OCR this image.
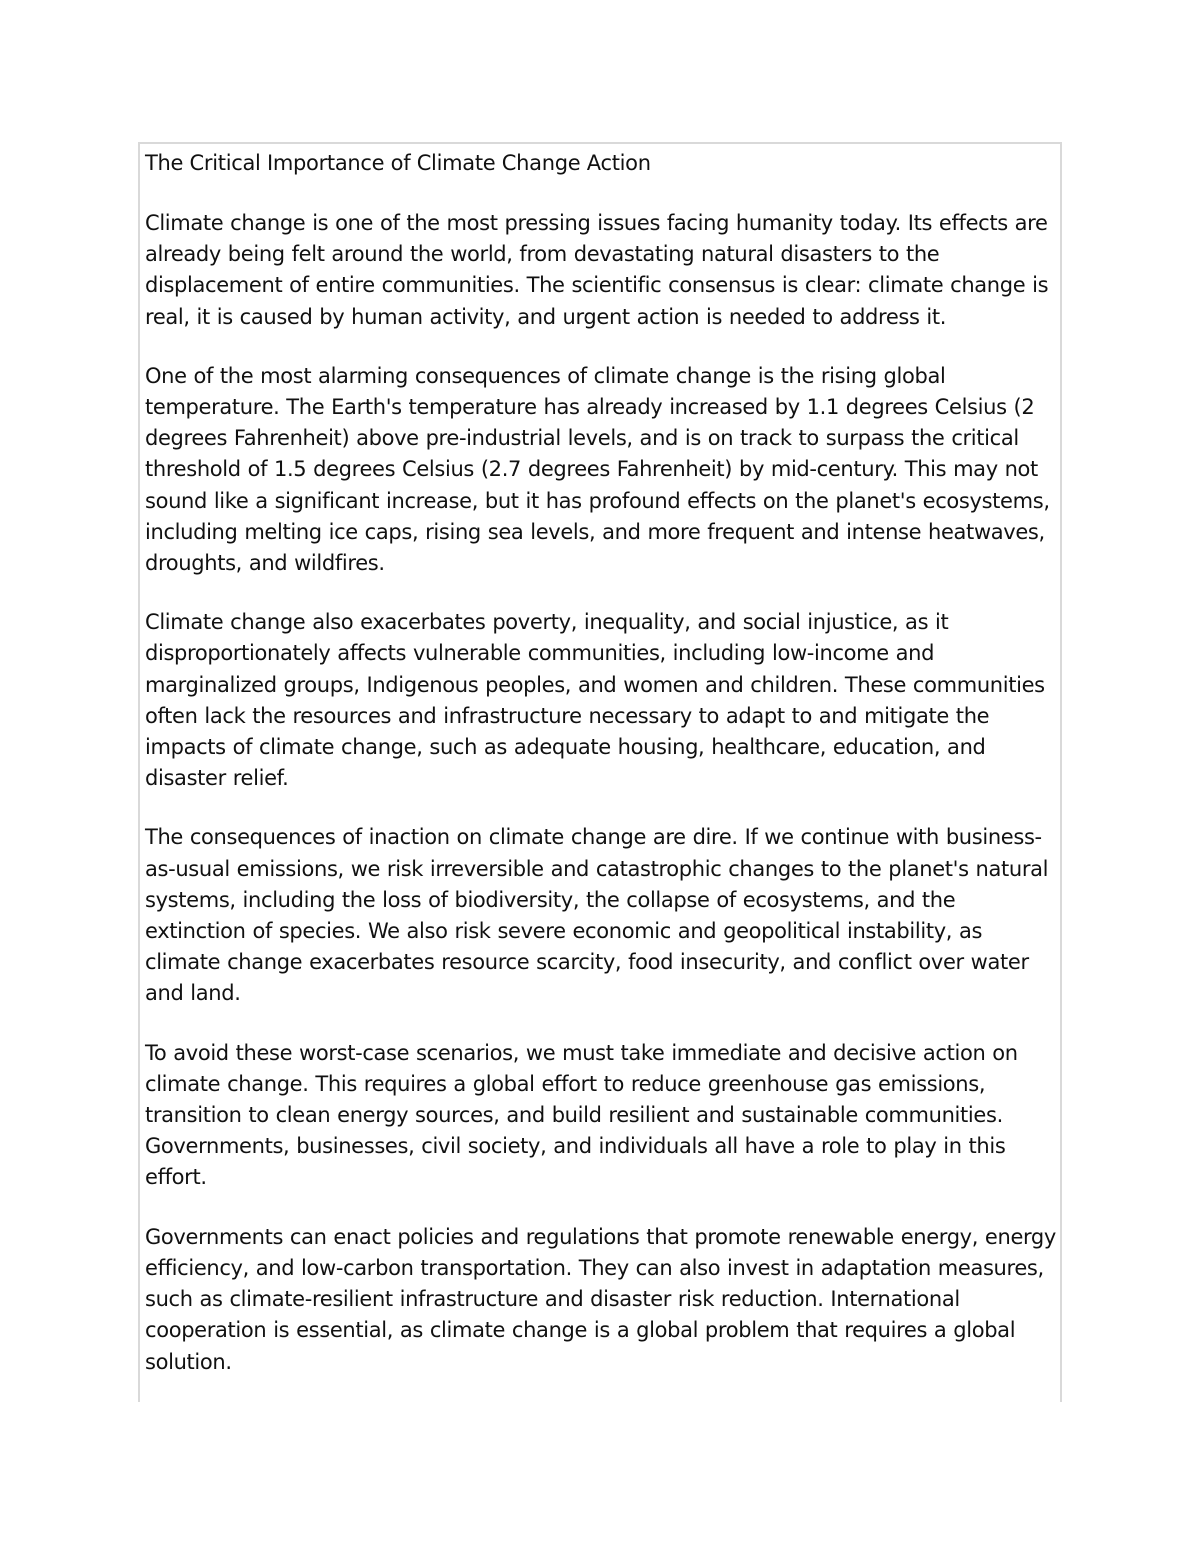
The Critical Importance of Climate Change Action

Climate change is one of the most pressing issues facing humanity today. Its effects are already being felt around the world, from devastating natural disasters to the displacement of entire communities. The scientific consensus is clear: climate change is real, it is caused by human activity, and urgent action is needed to address it.

One of the most alarming consequences of climate change is the rising global temperature. The Earth's temperature has already increased by 1.1 degrees Celsius (2 degrees Fahrenheit) above pre-industrial levels, and is on track to surpass the critical threshold of 1.5 degrees Celsius (2.7 degrees Fahrenheit) by mid-century. This may not sound like a significant increase, but it has profound effects on the planet's ecosystems, including melting ice caps, rising sea levels, and more frequent and intense heatwaves, droughts, and wildfires.

Climate change also exacerbates poverty, inequality, and social injustice, as it disproportionately affects vulnerable communities, including low-income and marginalized groups, Indigenous peoples, and women and children. These communities often lack the resources and infrastructure necessary to adapt to and mitigate the impacts of climate change, such as adequate housing, healthcare, education, and disaster relief.

The consequences of inaction on climate change are dire. If we continue with business-as-usual emissions, we risk irreversible and catastrophic changes to the planet's natural systems, including the loss of biodiversity, the collapse of ecosystems, and the extinction of species. We also risk severe economic and geopolitical instability, as climate change exacerbates resource scarcity, food insecurity, and conflict over water and land.

To avoid these worst-case scenarios, we must take immediate and decisive action on climate change. This requires a global effort to reduce greenhouse gas emissions, transition to clean energy sources, and build resilient and sustainable communities. Governments, businesses, civil society, and individuals all have a role to play in this effort.

Governments can enact policies and regulations that promote renewable energy, energy efficiency, and low-carbon transportation. They can also invest in adaptation measures, such as climate-resilient infrastructure and disaster risk reduction. International cooperation is essential, as climate change is a global problem that requires a global solution.
